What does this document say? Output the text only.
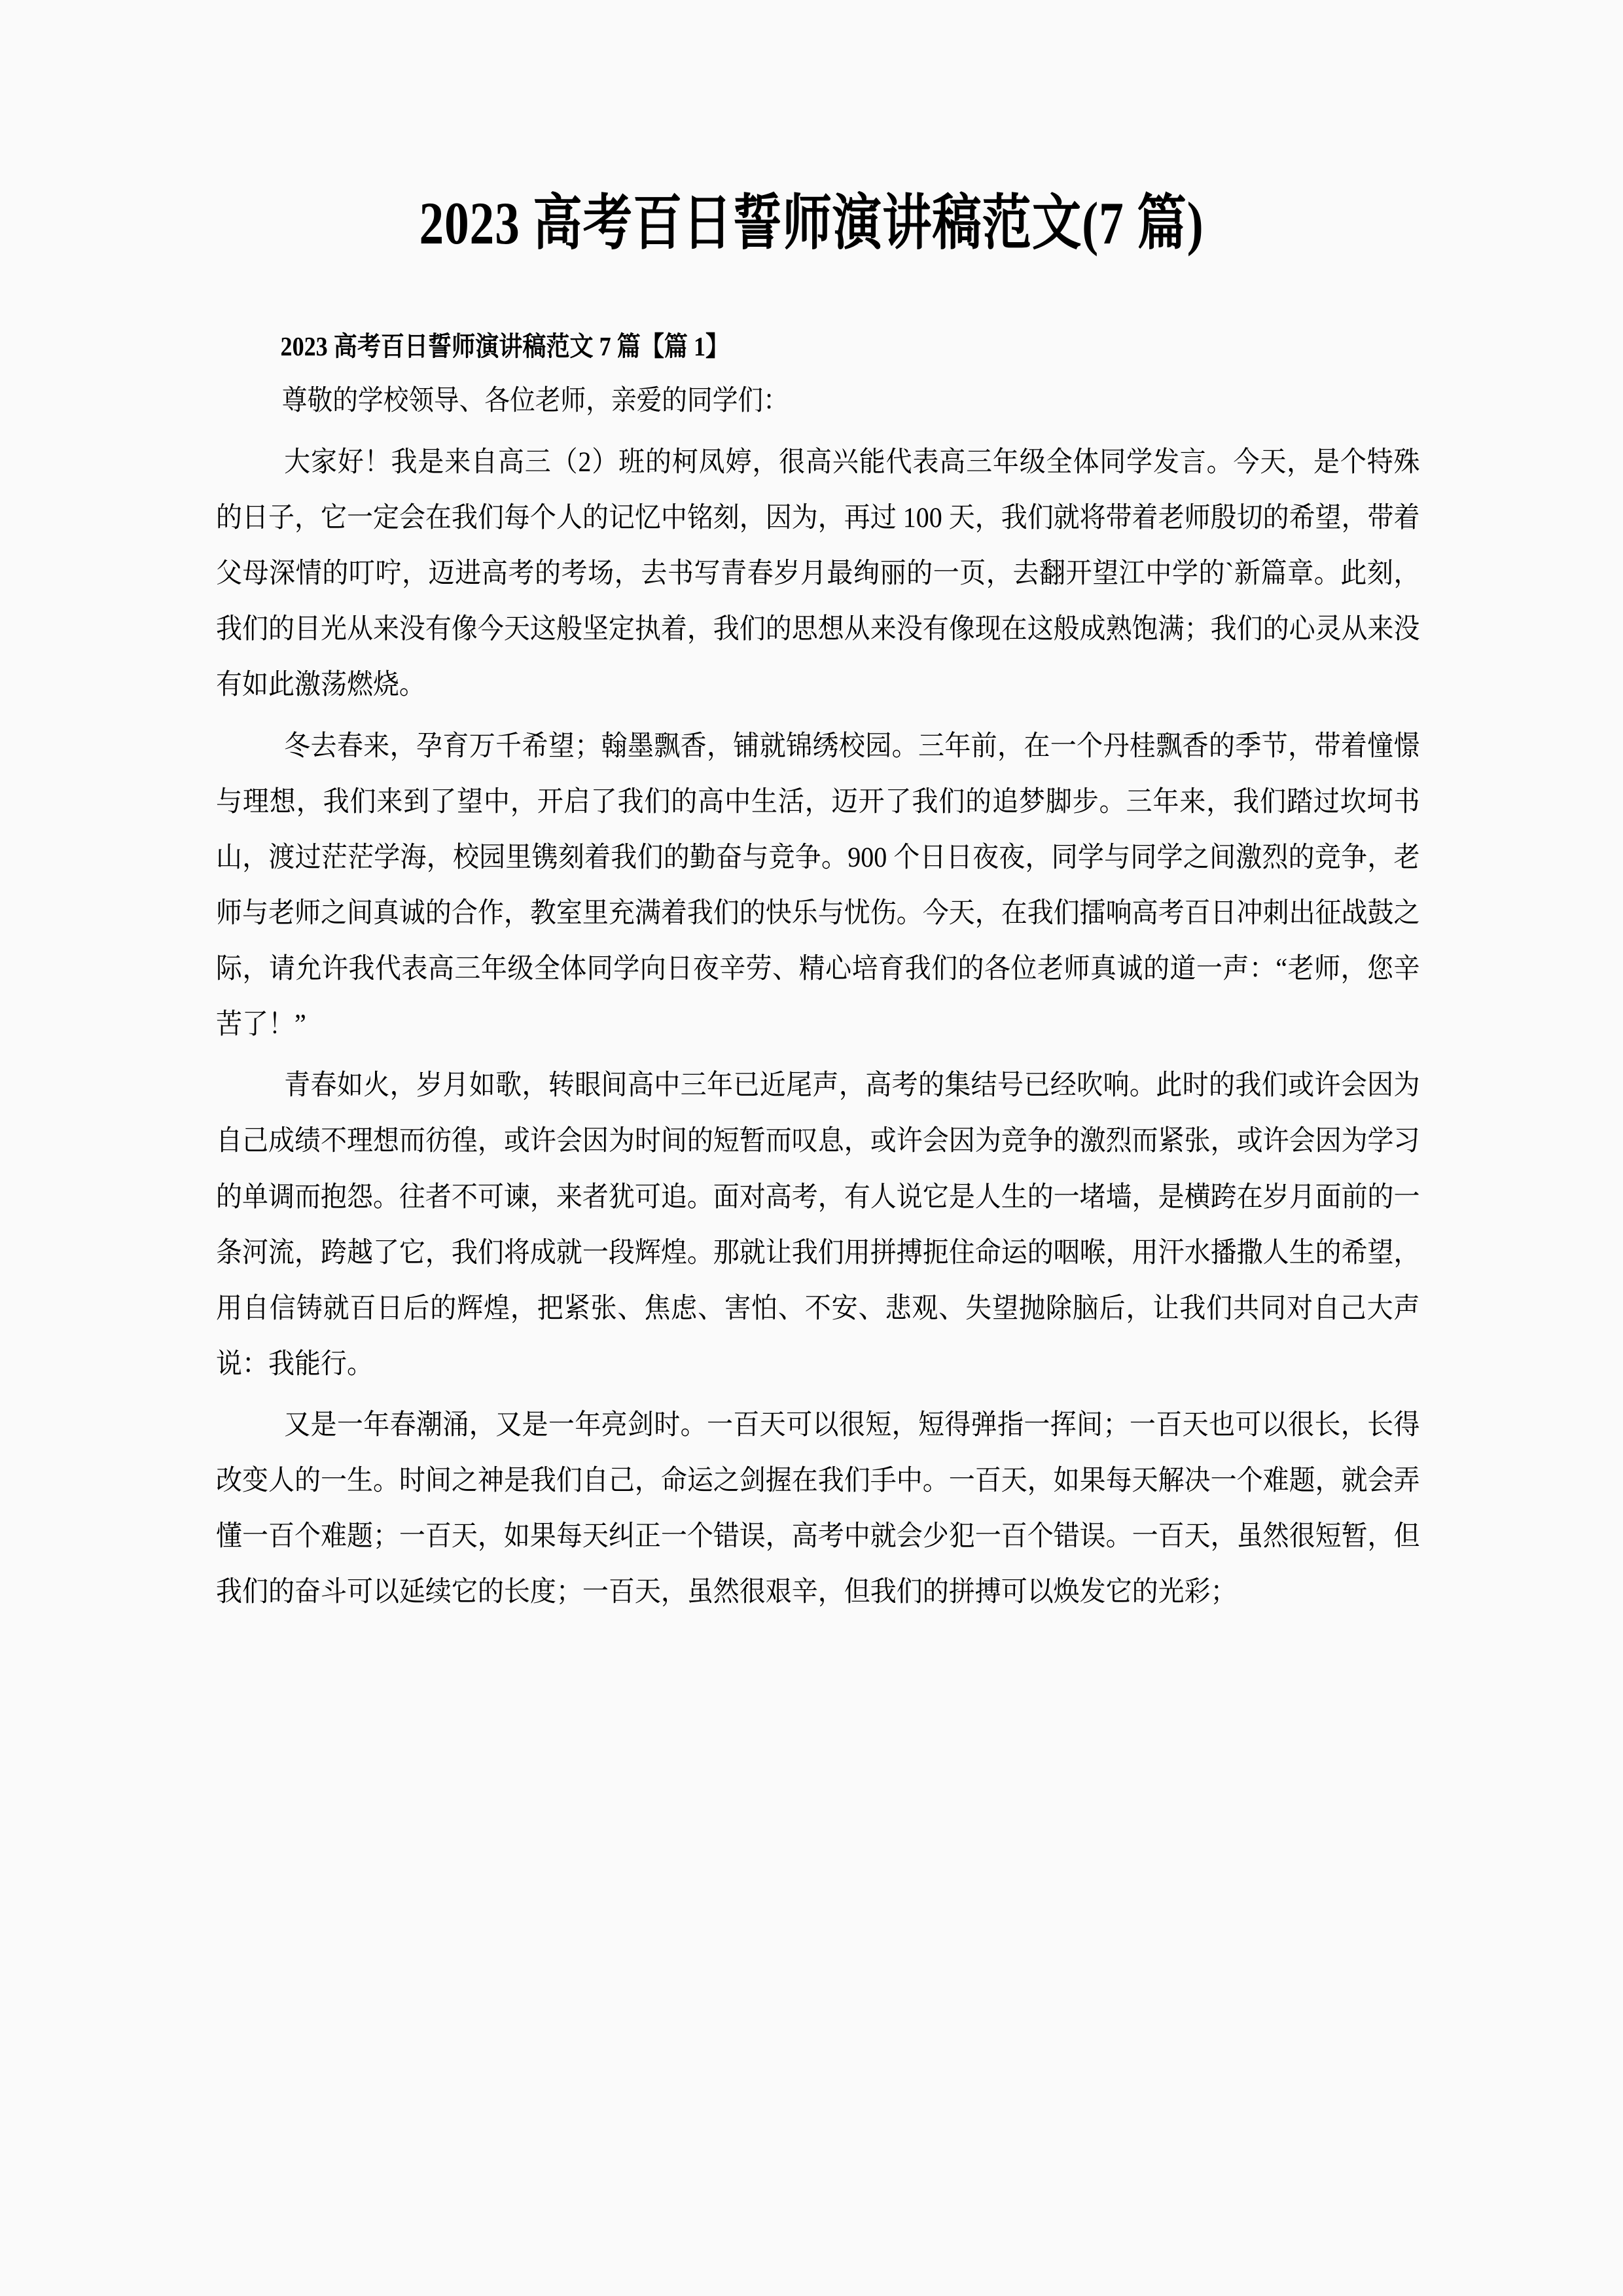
2023 高考百日誓师演讲稿范文(7 篇)
2023 高考百日誓师演讲稿范文 7 篇【篇 1】
尊敬的学校领导、各位老师，亲爱的同学们：

大家好！我是来自高三（2）班的柯凤婷，很高兴能代表高三年级全体同学发言。今天，是个特殊的日子，它一定会在我们每个人的记忆中铭刻，因为，再过 100 天，我们就将带着老师殷切的希望，带着父母深情的叮咛，迈进高考的考场，去书写青春岁月最绚丽的一页，去翻开望江中学的`新篇章。此刻，我们的目光从来没有像今天这般坚定执着，我们的思想从来没有像现在这般成熟饱满；我们的心灵从来没有如此激荡燃烧。

冬去春来，孕育万千希望；翰墨飘香，铺就锦绣校园。三年前，在一个丹桂飘香的季节，带着憧憬与理想，我们来到了望中，开启了我们的高中生活，迈开了我们的追梦脚步。三年来，我们踏过坎坷书山，渡过茫茫学海，校园里镌刻着我们的勤奋与竞争。900 个日日夜夜，同学与同学之间激烈的竞争，老师与老师之间真诚的合作，教室里充满着我们的快乐与忧伤。今天，在我们擂响高考百日冲刺出征战鼓之际，请允许我代表高三年级全体同学向日夜辛劳、精心培育我们的各位老师真诚的道一声：“老师，您辛苦了！”

青春如火，岁月如歌，转眼间高中三年已近尾声，高考的集结号已经吹响。此时的我们或许会因为自己成绩不理想而彷徨，或许会因为时间的短暂而叹息，或许会因为竞争的激烈而紧张，或许会因为学习的单调而抱怨。往者不可谏，来者犹可追。面对高考，有人说它是人生的一堵墙，是横跨在岁月面前的一条河流，跨越了它，我们将成就一段辉煌。那就让我们用拼搏扼住命运的咽喉，用汗水播撒人生的希望，用自信铸就百日后的辉煌，把紧张、焦虑、害怕、不安、悲观、失望抛除脑后，让我们共同对自己大声说：我能行。

又是一年春潮涌，又是一年亮剑时。一百天可以很短，短得弹指一挥间；一百天也可以很长，长得改变人的一生。时间之神是我们自己，命运之剑握在我们手中。一百天，如果每天解决一个难题，就会弄懂一百个难题；一百天，如果每天纠正一个错误，高考中就会少犯一百个错误。一百天，虽然很短暂，但我们的奋斗可以延续它的长度；一百天，虽然很艰辛，但我们的拼搏可以焕发它的光彩；
